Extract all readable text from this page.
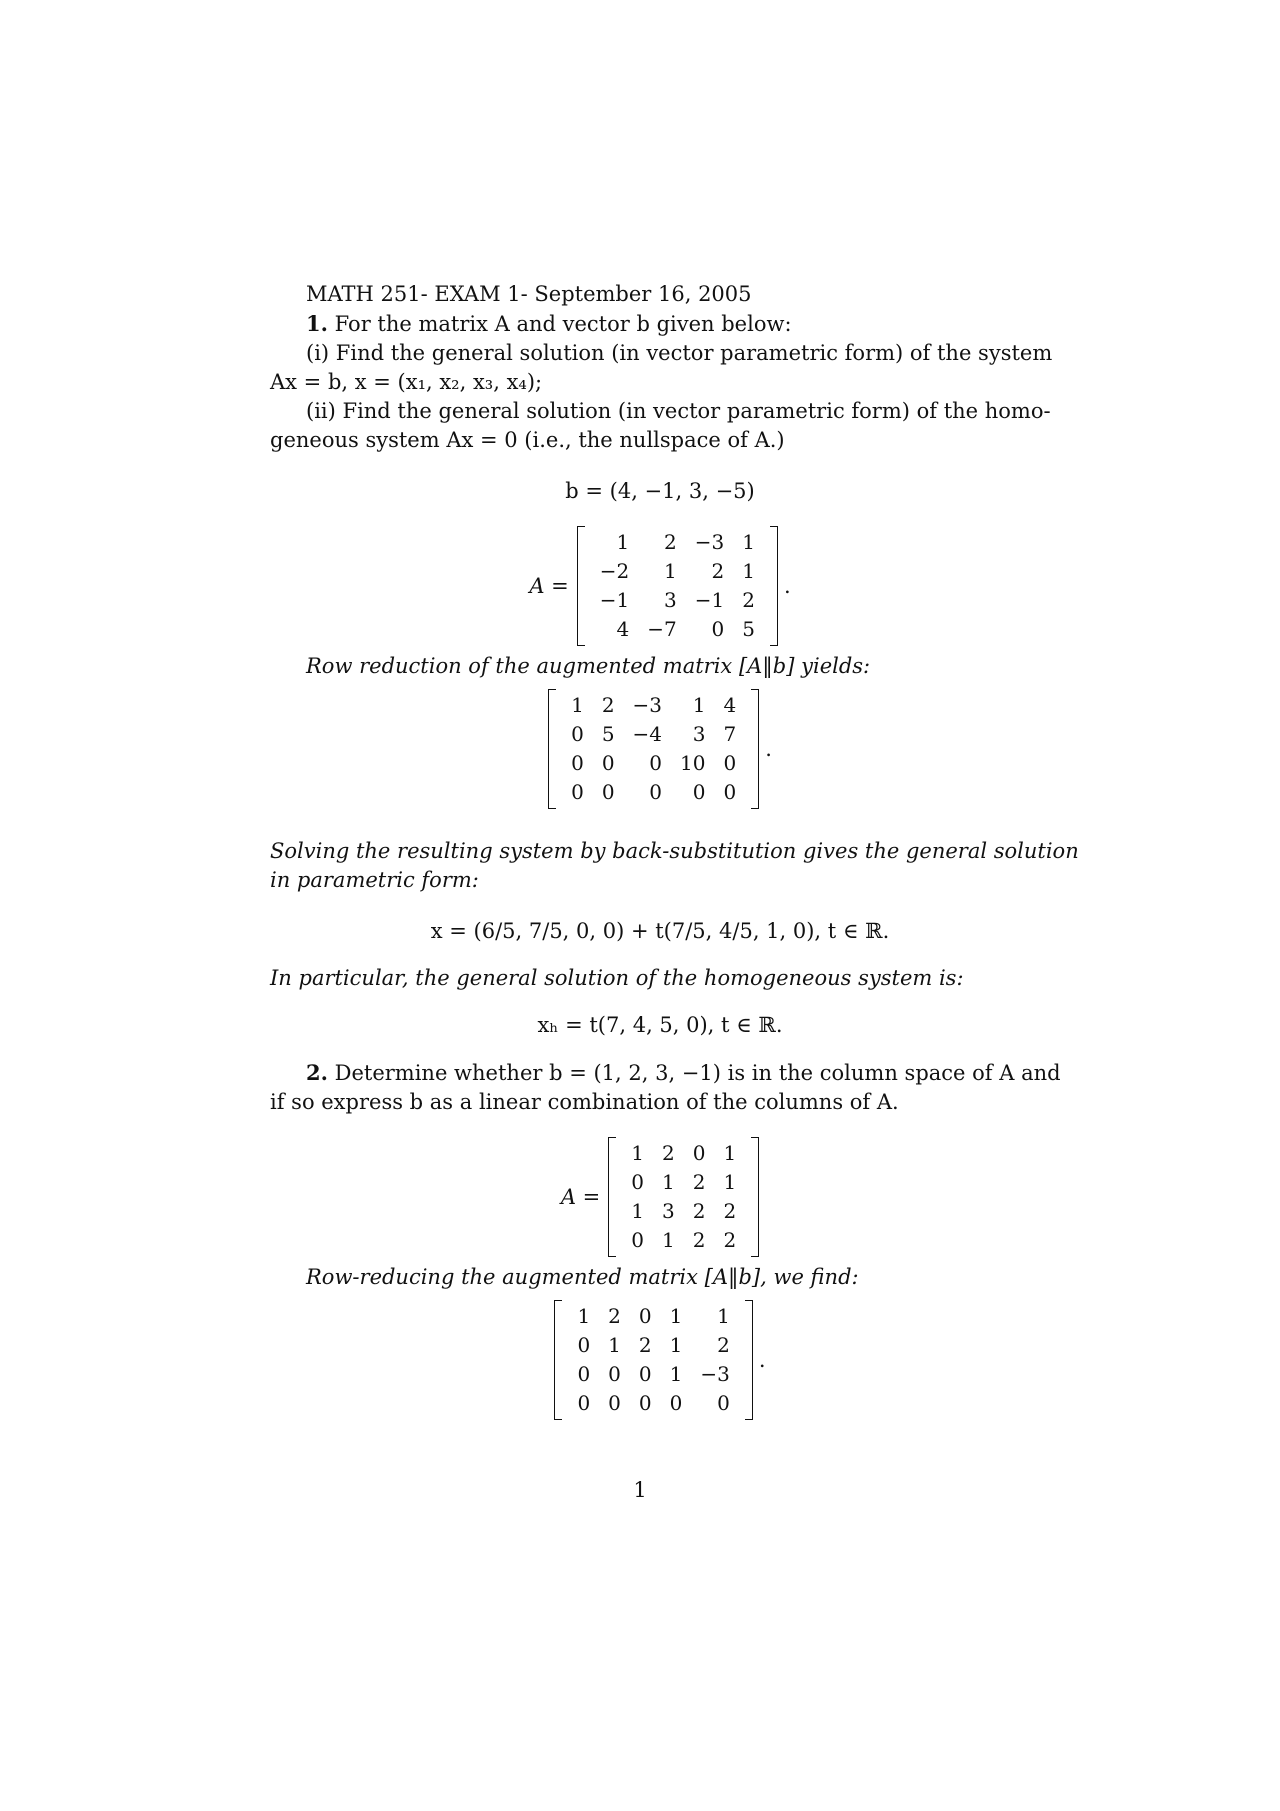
MATH 251- EXAM 1- September 16, 2005
1. For the matrix A and vector b given below:
(i) Find the general solution (in vector parametric form) of the system
Ax = b, x = (x₁, x₂, x₃, x₄);
(ii) Find the general solution (in vector parametric form) of the homo-
geneous system Ax = 0 (i.e., the nullspace of A.)
b = (4, −1, 3, −5)
A =
1	2	−3	1
−2	1	2	1
−1	3	−1	2
4	−7	0	5
.
Row reduction of the augmented matrix [A‖b] yields:
1	2	−3	1	4
0	5	−4	3	7
0	0	0	10	0
0	0	0	0	0
.
Solving the resulting system by back-substitution gives the general solution
in parametric form:
x = (6/5, 7/5, 0, 0) + t(7/5, 4/5, 1, 0), t ∈ ℝ.
In particular, the general solution of the homogeneous system is:
xₕ = t(7, 4, 5, 0), t ∈ ℝ.
2. Determine whether b = (1, 2, 3, −1) is in the column space of A and
if so express b as a linear combination of the columns of A.
A =
1	2	0	1
0	1	2	1
1	3	2	2
0	1	2	2
Row-reducing the augmented matrix [A‖b], we find:
1	2	0	1	1
0	1	2	1	2
0	0	0	1	−3
0	0	0	0	0
.
1
